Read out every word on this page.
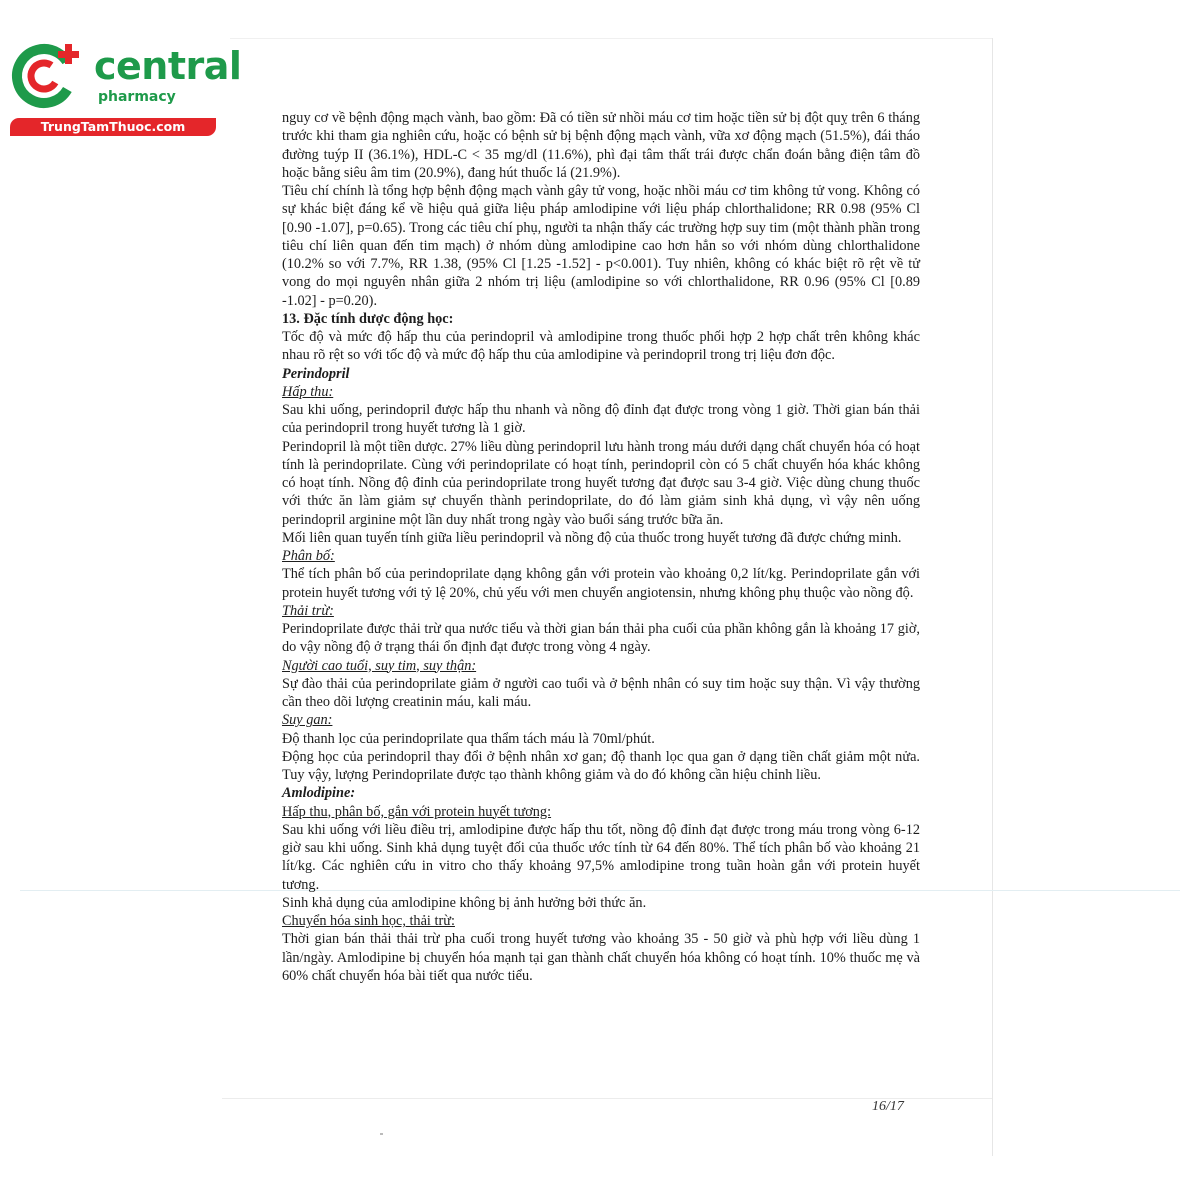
central
pharmacy
TrungTamThuoc.com

nguy cơ về bệnh động mạch vành, bao gồm: Đã có tiền sử nhồi máu cơ tim hoặc tiền sử bị đột quỵ trên 6 tháng trước khi tham gia nghiên cứu, hoặc có bệnh sử bị bệnh động mạch vành, vữa xơ động mạch (51.5%), đái tháo đường tuýp II (36.1%), HDL-C < 35 mg/dl (11.6%), phì đại tâm thất trái được chẩn đoán bằng điện tâm đồ hoặc bằng siêu âm tim (20.9%), đang hút thuốc lá (21.9%).

Tiêu chí chính là tổng hợp bệnh động mạch vành gây tử vong, hoặc nhồi máu cơ tim không tử vong. Không có sự khác biệt đáng kể về hiệu quả giữa liệu pháp amlodipine với liệu pháp chlorthalidone; RR 0.98 (95% Cl [0.90 -1.07], p=0.65). Trong các tiêu chí phụ, người ta nhận thấy các trường hợp suy tim (một thành phần trong tiêu chí liên quan đến tim mạch) ở nhóm dùng amlodipine cao hơn hẳn so với nhóm dùng chlorthalidone (10.2% so với 7.7%, RR 1.38, (95% Cl [1.25 -1.52] - p<0.001). Tuy nhiên, không có khác biệt rõ rệt về tử vong do mọi nguyên nhân giữa 2 nhóm trị liệu (amlodipine so với chlorthalidone, RR 0.96 (95% Cl [0.89 -1.02] - p=0.20).

13. Đặc tính dược động học:

Tốc độ và mức độ hấp thu của perindopril và amlodipine trong thuốc phối hợp 2 hợp chất trên không khác nhau rõ rệt so với tốc độ và mức độ hấp thu của amlodipine và perindopril trong trị liệu đơn độc.

Perindopril

Hấp thu:

Sau khi uống, perindopril được hấp thu nhanh và nồng độ đỉnh đạt được trong vòng 1 giờ. Thời gian bán thải của perindopril trong huyết tương là 1 giờ.

Perindopril là một tiền dược. 27% liều dùng perindopril lưu hành trong máu dưới dạng chất chuyển hóa có hoạt tính là perindoprilate. Cùng với perindoprilate có hoạt tính, perindopril còn có 5 chất chuyển hóa khác không có hoạt tính. Nồng độ đỉnh của perindoprilate trong huyết tương đạt được sau 3-4 giờ. Việc dùng chung thuốc với thức ăn làm giảm sự chuyển thành perindoprilate, do đó làm giảm sinh khả dụng, vì vậy nên uống perindopril arginine một lần duy nhất trong ngày vào buổi sáng trước bữa ăn.

Mối liên quan tuyến tính giữa liều perindopril và nồng độ của thuốc trong huyết tương đã được chứng minh.

Phân bố:

Thể tích phân bố của perindoprilate dạng không gắn với protein vào khoảng 0,2 lít/kg. Perindoprilate gắn với protein huyết tương với tỷ lệ 20%, chủ yếu với men chuyển angiotensin, nhưng không phụ thuộc vào nồng độ.

Thải trừ:

Perindoprilate được thải trừ qua nước tiểu và thời gian bán thải pha cuối của phần không gắn là khoảng 17 giờ, do vậy nồng độ ở trạng thái ổn định đạt được trong vòng 4 ngày.

Người cao tuổi, suy tim, suy thận:

Sự đào thải của perindoprilate giảm ở người cao tuổi và ở bệnh nhân có suy tim hoặc suy thận. Vì vậy thường cần theo dõi lượng creatinin máu, kali máu.

Suy gan:

Độ thanh lọc của perindoprilate qua thẩm tách máu là 70ml/phút.

Động học của perindopril thay đổi ở bệnh nhân xơ gan; độ thanh lọc qua gan ở dạng tiền chất giảm một nửa. Tuy vậy, lượng Perindoprilate được tạo thành không giảm và do đó không cần hiệu chỉnh liều.

Amlodipine:

Hấp thu, phân bố, gắn với protein huyết tương:

Sau khi uống với liều điều trị, amlodipine được hấp thu tốt, nồng độ đỉnh đạt được trong máu trong vòng 6-12 giờ sau khi uống. Sinh khả dụng tuyệt đối của thuốc ước tính từ 64 đến 80%. Thể tích phân bố vào khoảng 21 lít/kg. Các nghiên cứu in vitro cho thấy khoảng 97,5% amlodipine trong tuần hoàn gắn với protein huyết tương.

Sinh khả dụng của amlodipine không bị ảnh hưởng bởi thức ăn.

Chuyển hóa sinh học, thải trừ:

Thời gian bán thải thải trừ pha cuối trong huyết tương vào khoảng 35 - 50 giờ và phù hợp với liều dùng 1 lần/ngày. Amlodipine bị chuyển hóa mạnh tại gan thành chất chuyển hóa không có hoạt tính. 10% thuốc mẹ và 60% chất chuyển hóa bài tiết qua nước tiểu.

16/17
